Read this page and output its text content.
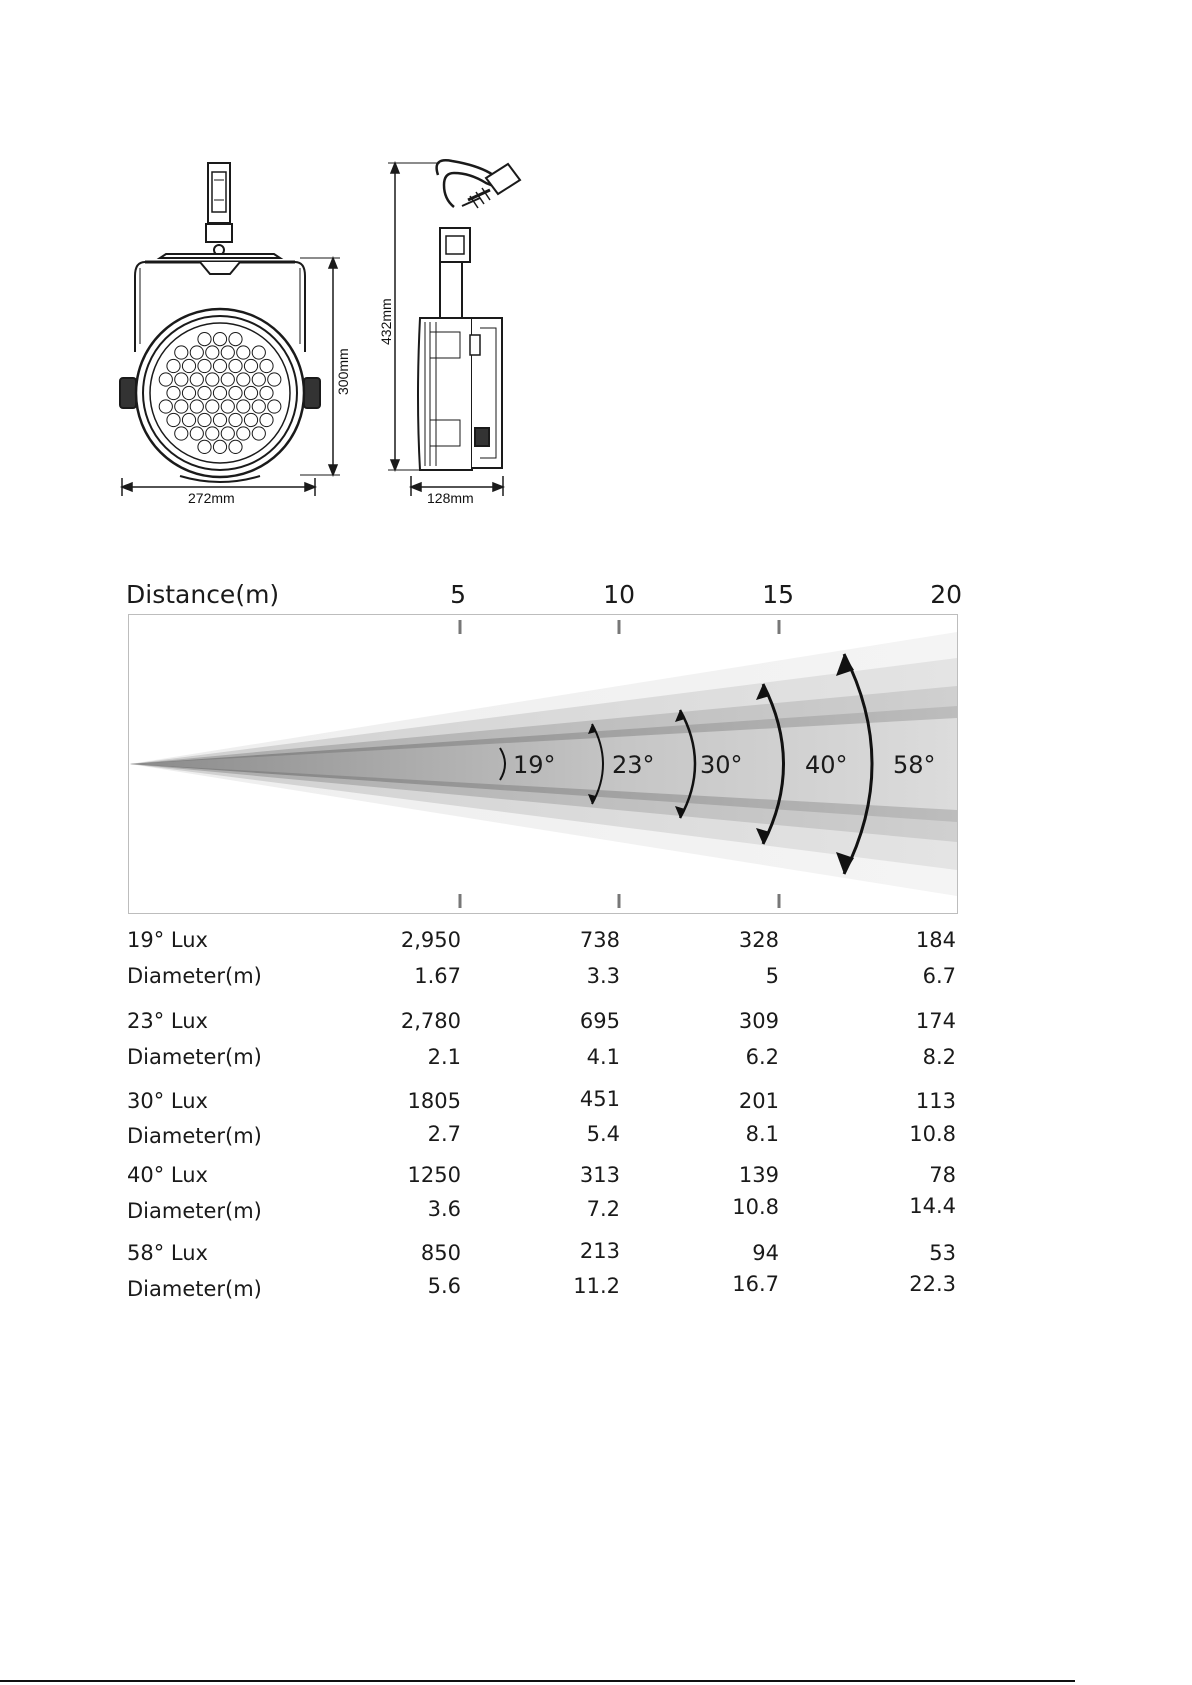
272mm
300mm
128mm
432mm
Distance(m)	5	10	15	20
19° 23° 30°	40° 58°
19° Lux	2,950	738	328	184
Diameter(m)	1.67	3.3	5	6.7
23° Lux	2,780	695	309	174
Diameter(m)	2.1	4.1	6.2	8.2
30° Lux	1805	451	201	113
Diameter(m)	2.7	5.4	8.1	10.8
40° Lux	1250	313	139	78
Diameter(m)	3.6	7.2	10.8	14.4
58° Lux	850	213	94	53
Diameter(m)	5.6	11.2	16.7	22.3
